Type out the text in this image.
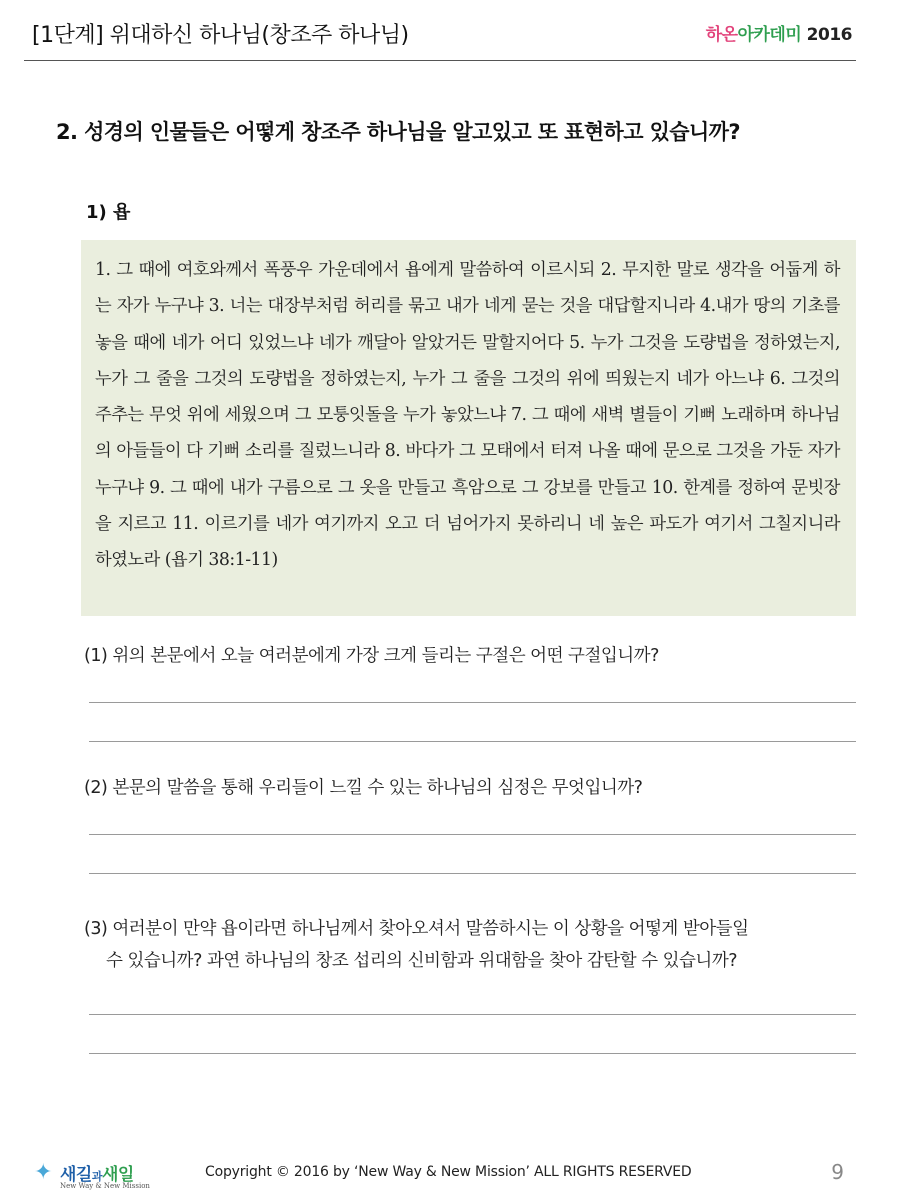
[1단계] 위대하신 하나님(창조주 하나님)	하온아카데미 2016
2. 성경의 인물들은 어떻게 창조주 하나님을 알고있고 또 표현하고 있습니까?
1) 욥
1. 그 때에 여호와께서 폭풍우 가운데에서 욥에게 말씀하여 이르시되 2. 무지한 말로 생각을 어둡게 하는 자가 누구냐 3. 너는 대장부처럼 허리를 묶고 내가 네게 묻는 것을 대답할지니라 4.내가 땅의 기초를 놓을 때에 네가 어디 있었느냐 네가 깨달아 알았거든 말할지어다 5. 누가 그것을 도량법을 정하였는지, 누가 그 줄을 그것의 도량법을 정하였는지, 누가 그 줄을 그것의 위에 띄웠는지 네가 아느냐 6. 그것의 주추는 무엇 위에 세웠으며 그 모퉁잇돌을 누가 놓았느냐 7. 그 때에 새벽 별들이 기뻐 노래하며 하나님의 아들들이 다 기뻐 소리를 질렀느니라 8. 바다가 그 모태에서 터져 나올 때에 문으로 그것을 가둔 자가 누구냐 9. 그 때에 내가 구름으로 그 옷을 만들고 흑암으로 그 강보를 만들고 10. 한계를 정하여 문빗장을 지르고 11. 이르기를 네가 여기까지 오고 더 넘어가지 못하리니 네 높은 파도가 여기서 그칠지니라 하였노라 (욥기 38:1-11)
(1) 위의 본문에서 오늘 여러분에게 가장 크게 들리는 구절은 어떤 구절입니까?
(2) 본문의 말씀을 통해 우리들이 느낄 수 있는 하나님의 심정은 무엇입니까?
(3) 여러분이 만약 욥이라면 하나님께서 찾아오셔서 말씀하시는 이 상황을 어떻게 받아들일
수 있습니까? 과연 하나님의 창조 섭리의 신비함과 위대함을 찾아 감탄할 수 있습니까?
✦ 새길과새일
New Way & New Mission
Copyright © 2016 by ‘New Way & New Mission’ ALL RIGHTS RESERVED	9
